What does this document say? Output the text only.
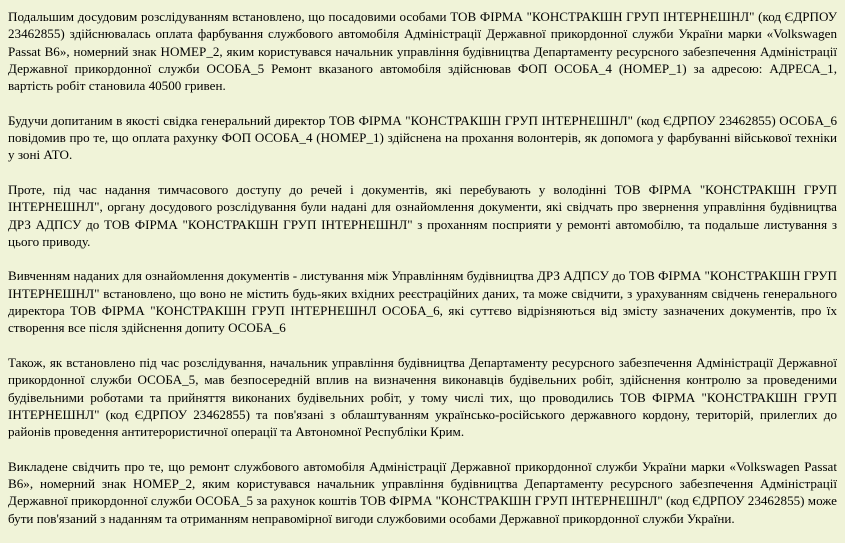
Подальшим досудовим розслідуванням встановлено, що посадовими особами ТОВ ФІРМА "КОНСТРАКШН ГРУП ІНТЕРНЕШНЛ" (код ЄДРПОУ 23462855) здійснювалась оплата фарбування службового автомобіля Адміністрації Державної прикордонної служби України марки «Volkswagen Passat B6», номерний знак НОМЕР_2, яким користувався начальник управління будівництва Департаменту ресурсного забезпечення Адміністрації Державної прикордонної служби ОСОБА_5 Ремонт вказаного автомобіля здійснював ФОП ОСОБА_4 (НОМЕР_1) за адресою: АДРЕСА_1, вартість робіт становила 40500 гривен.

Будучи допитаним в якості свідка генеральний директор ТОВ ФІРМА "КОНСТРАКШН ГРУП ІНТЕРНЕШНЛ" (код ЄДРПОУ 23462855) ОСОБА_6 повідомив про те, що оплата рахунку ФОП ОСОБА_4 (НОМЕР_1) здійснена на прохання волонтерів, як допомога у фарбуванні військової техніки у зоні АТО.

Проте, під час надання тимчасового доступу до речей і документів, які перебувають у володінні ТОВ ФІРМА "КОНСТРАКШН ГРУП ІНТЕРНЕШНЛ", органу досудового розслідування були надані для ознайомлення документи, які свідчать про звернення управління будівництва ДРЗ АДПСУ до ТОВ ФІРМА "КОНСТРАКШН ГРУП ІНТЕРНЕШНЛ" з проханням посприяти у ремонті автомобілю, та подальше листування з цього приводу.

Вивченням наданих для ознайомлення документів - листування між Управлінням будівництва ДРЗ АДПСУ до ТОВ ФІРМА "КОНСТРАКШН ГРУП ІНТЕРНЕШНЛ" встановлено, що воно не містить будь-яких вхідних реєстраційних даних, та може свідчити, з урахуванням свідчень генерального директора ТОВ ФІРМА "КОНСТРАКШН ГРУП ІНТЕРНЕШНЛ ОСОБА_6, які суттєво відрізняються від змісту зазначених документів, про їх створення все після здійснення допиту ОСОБА_6

Також, як встановлено під час розслідування, начальник управління будівництва Департаменту ресурсного забезпечення Адміністрації Державної прикордонної служби ОСОБА_5, мав безпосередній вплив на визначення виконавців будівельних робіт, здійснення контролю за проведеними будівельними роботами та прийняття виконаних будівельних робіт, у тому числі тих, що проводились ТОВ ФІРМА "КОНСТРАКШН ГРУП ІНТЕРНЕШНЛ" (код ЄДРПОУ 23462855) та пов'язані з облаштуванням українсько-російського державного кордону, територій, прилеглих до районів проведення антитерористичної операції та Автономної Республіки Крим.

Викладене свідчить про те, що ремонт службового автомобіля Адміністрації Державної прикордонної служби України марки «Volkswagen Passat B6», номерний знак НОМЕР_2, яким користувався начальник управління будівництва Департаменту ресурсного забезпечення Адміністрації Державної прикордонної служби ОСОБА_5 за рахунок коштів ТОВ ФІРМА "КОНСТРАКШН ГРУП ІНТЕРНЕШНЛ" (код ЄДРПОУ 23462855) може бути пов'язаний з наданням та отриманням неправомірної вигоди службовими особами Державної прикордонної служби України.
